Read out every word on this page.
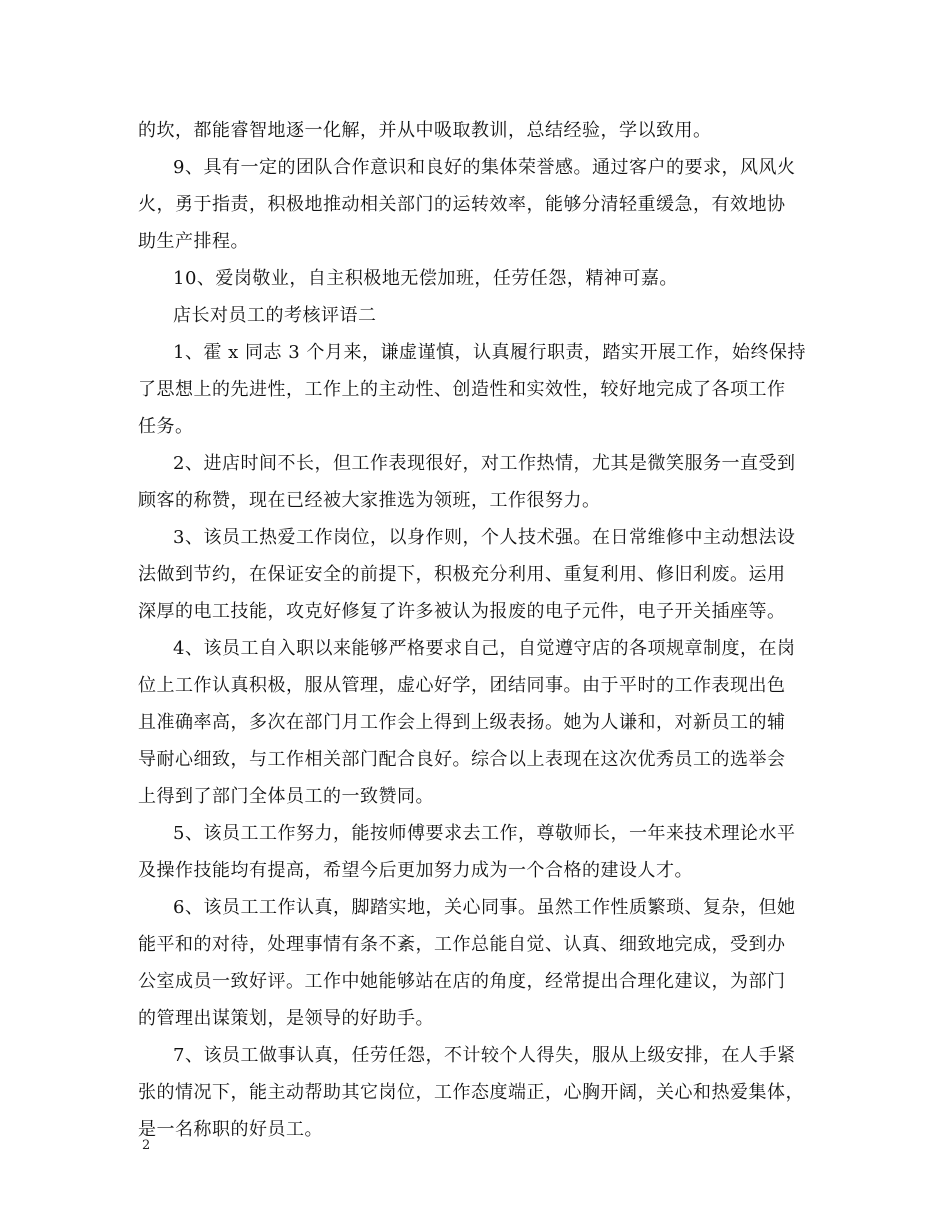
的坎，都能睿智地逐一化解，并从中吸取教训，总结经验，学以致用。
9、具有一定的团队合作意识和良好的集体荣誉感。通过客户的要求，风风火
火，勇于指责，积极地推动相关部门的运转效率，能够分清轻重缓急，有效地协
助生产排程。
10、爱岗敬业，自主积极地无偿加班，任劳任怨，精神可嘉。
店长对员工的考核评语二
1、霍 x 同志 3 个月来，谦虚谨慎，认真履行职责，踏实开展工作，始终保持
了思想上的先进性，工作上的主动性、创造性和实效性，较好地完成了各项工作
任务。
2、进店时间不长，但工作表现很好，对工作热情，尤其是微笑服务一直受到
顾客的称赞，现在已经被大家推选为领班，工作很努力。
3、该员工热爱工作岗位，以身作则，个人技术强。在日常维修中主动想法设
法做到节约，在保证安全的前提下，积极充分利用、重复利用、修旧利废。运用
深厚的电工技能，攻克好修复了许多被认为报废的电子元件，电子开关插座等。
4、该员工自入职以来能够严格要求自己，自觉遵守店的各项规章制度，在岗
位上工作认真积极，服从管理，虚心好学，团结同事。由于平时的工作表现出色
且准确率高，多次在部门月工作会上得到上级表扬。她为人谦和，对新员工的辅
导耐心细致，与工作相关部门配合良好。综合以上表现在这次优秀员工的选举会
上得到了部门全体员工的一致赞同。
5、该员工工作努力，能按师傅要求去工作，尊敬师长，一年来技术理论水平
及操作技能均有提高，希望今后更加努力成为一个合格的建设人才。
6、该员工工作认真，脚踏实地，关心同事。虽然工作性质繁琐、复杂，但她
能平和的对待，处理事情有条不紊，工作总能自觉、认真、细致地完成，受到办
公室成员一致好评。工作中她能够站在店的角度，经常提出合理化建议，为部门
的管理出谋策划，是领导的好助手。
7、该员工做事认真，任劳任怨，不计较个人得失，服从上级安排，在人手紧
张的情况下，能主动帮助其它岗位，工作态度端正，心胸开阔，关心和热爱集体，
是一名称职的好员工。
2
